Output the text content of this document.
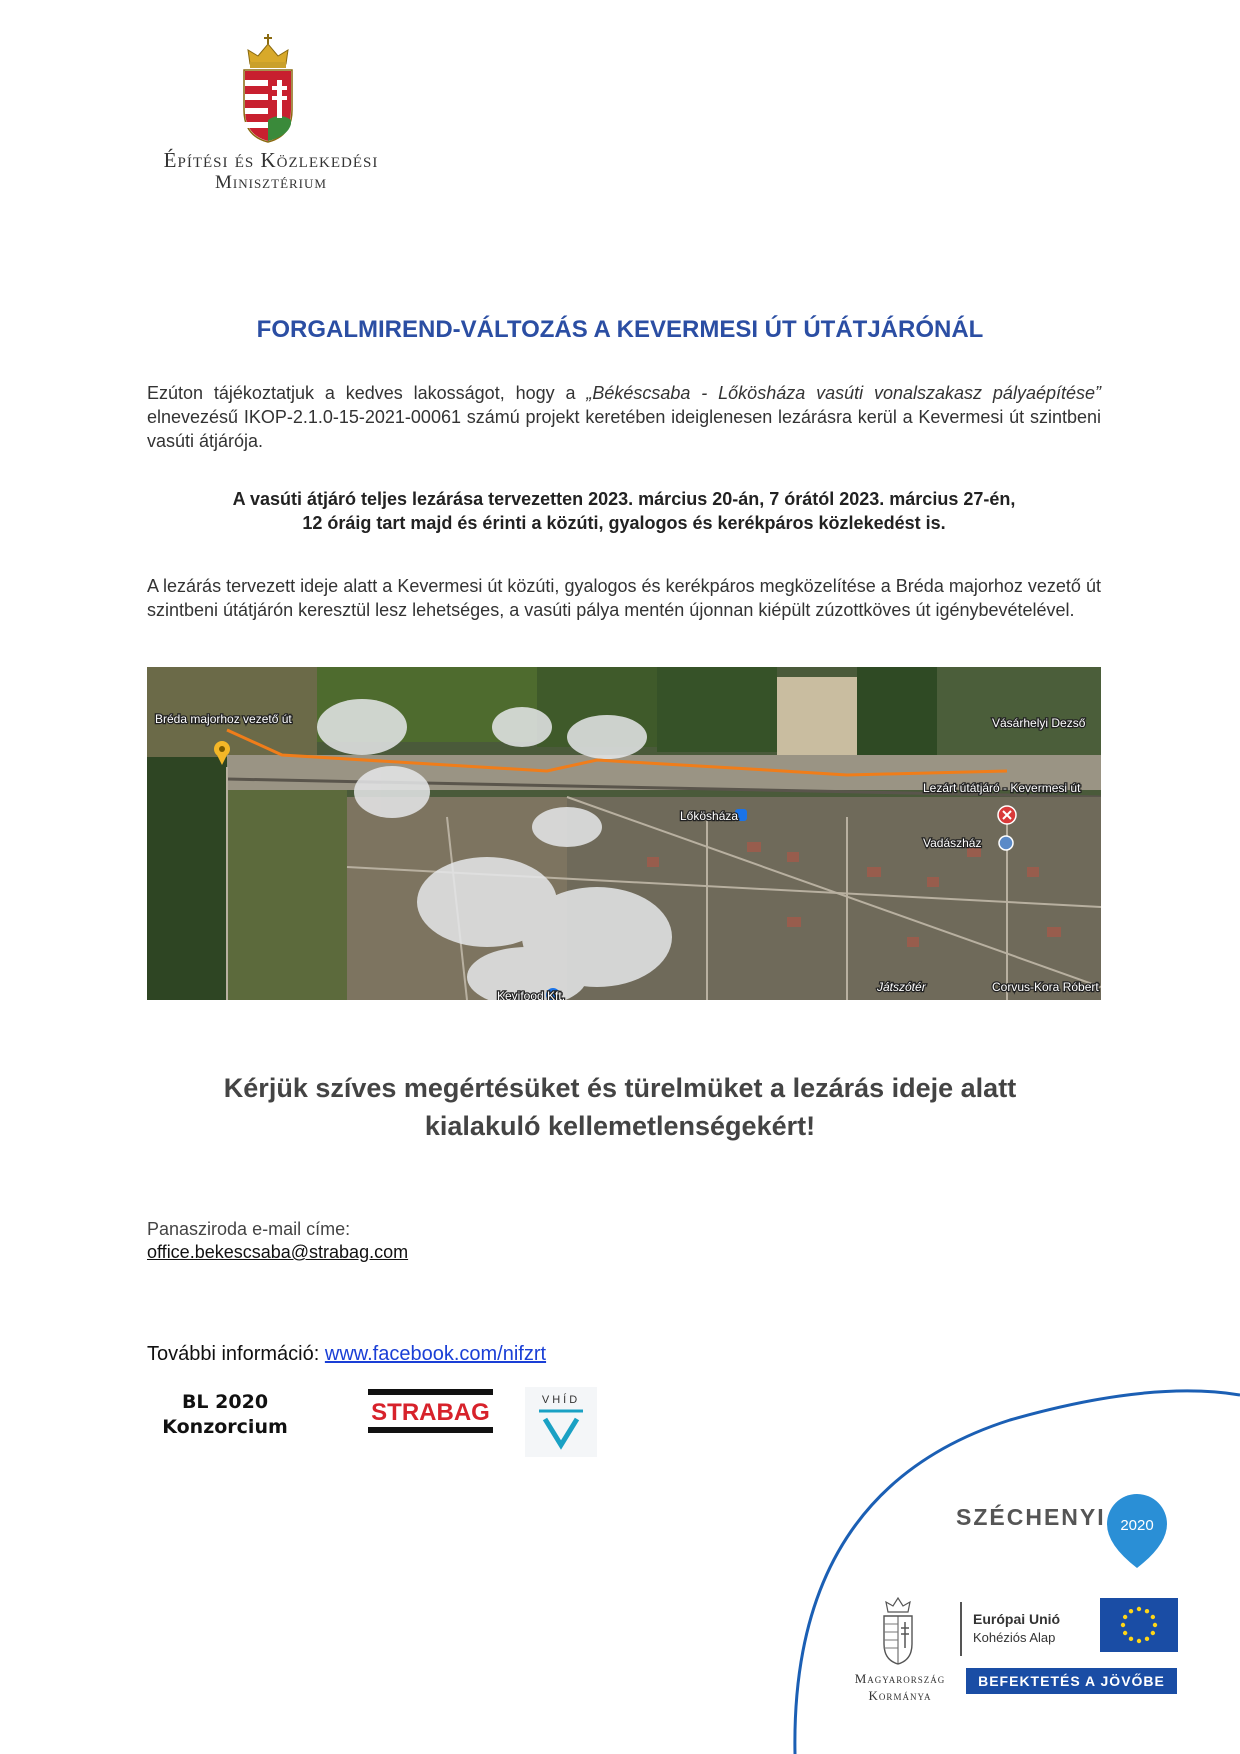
Építési és Közlekedési
Minisztérium
FORGALMIREND-VÁLTOZÁS A KEVERMESI ÚT ÚTÁTJÁRÓNÁL
Ezúton tájékoztatjuk a kedves lakosságot, hogy a „Békéscsaba - Lőkösháza vasúti vonalszakasz pályaépítése” elnevezésű IKOP-2.1.0-15-2021-00061 számú projekt keretében ideiglenesen lezárásra kerül a Kevermesi út szintbeni vasúti átjárója.
A vasúti átjáró teljes lezárása tervezetten 2023. március 20-án, 7 órától 2023. március 27-én,
12 óráig tart majd és érinti a közúti, gyalogos és kerékpáros közlekedést is.
A lezárás tervezett ideje alatt a Kevermesi út közúti, gyalogos és kerékpáros megközelítése a Bréda majorhoz vezető út szintbeni útátjárón keresztül lesz lehetséges, a vasúti pálya mentén újonnan kiépült zúzottköves út igénybevételével.
Bréda majorhoz vezető út	Vásárhelyi Dezső
Lezárt útátjáró - Kevermesi út
Lőkösháza
Vadászház
Kevifood Kft.
Játszótér	Corvus-Kora Róbert
Kérjük szíves megértésüket és türelmüket a lezárás ideje alatt
kialakuló kellemetlenségekért!
Panasziroda e-mail címe:
office.bekescsaba@strabag.com
További információ: www.facebook.com/nifzrt
BL 2020
Konzorcium
STRABAG	VHÍD
SZÉCHENYI 2020
Magyarország
Kormánya
Európai Unió
Kohéziós Alap
BEFEKTETÉS A JÖVŐBE
